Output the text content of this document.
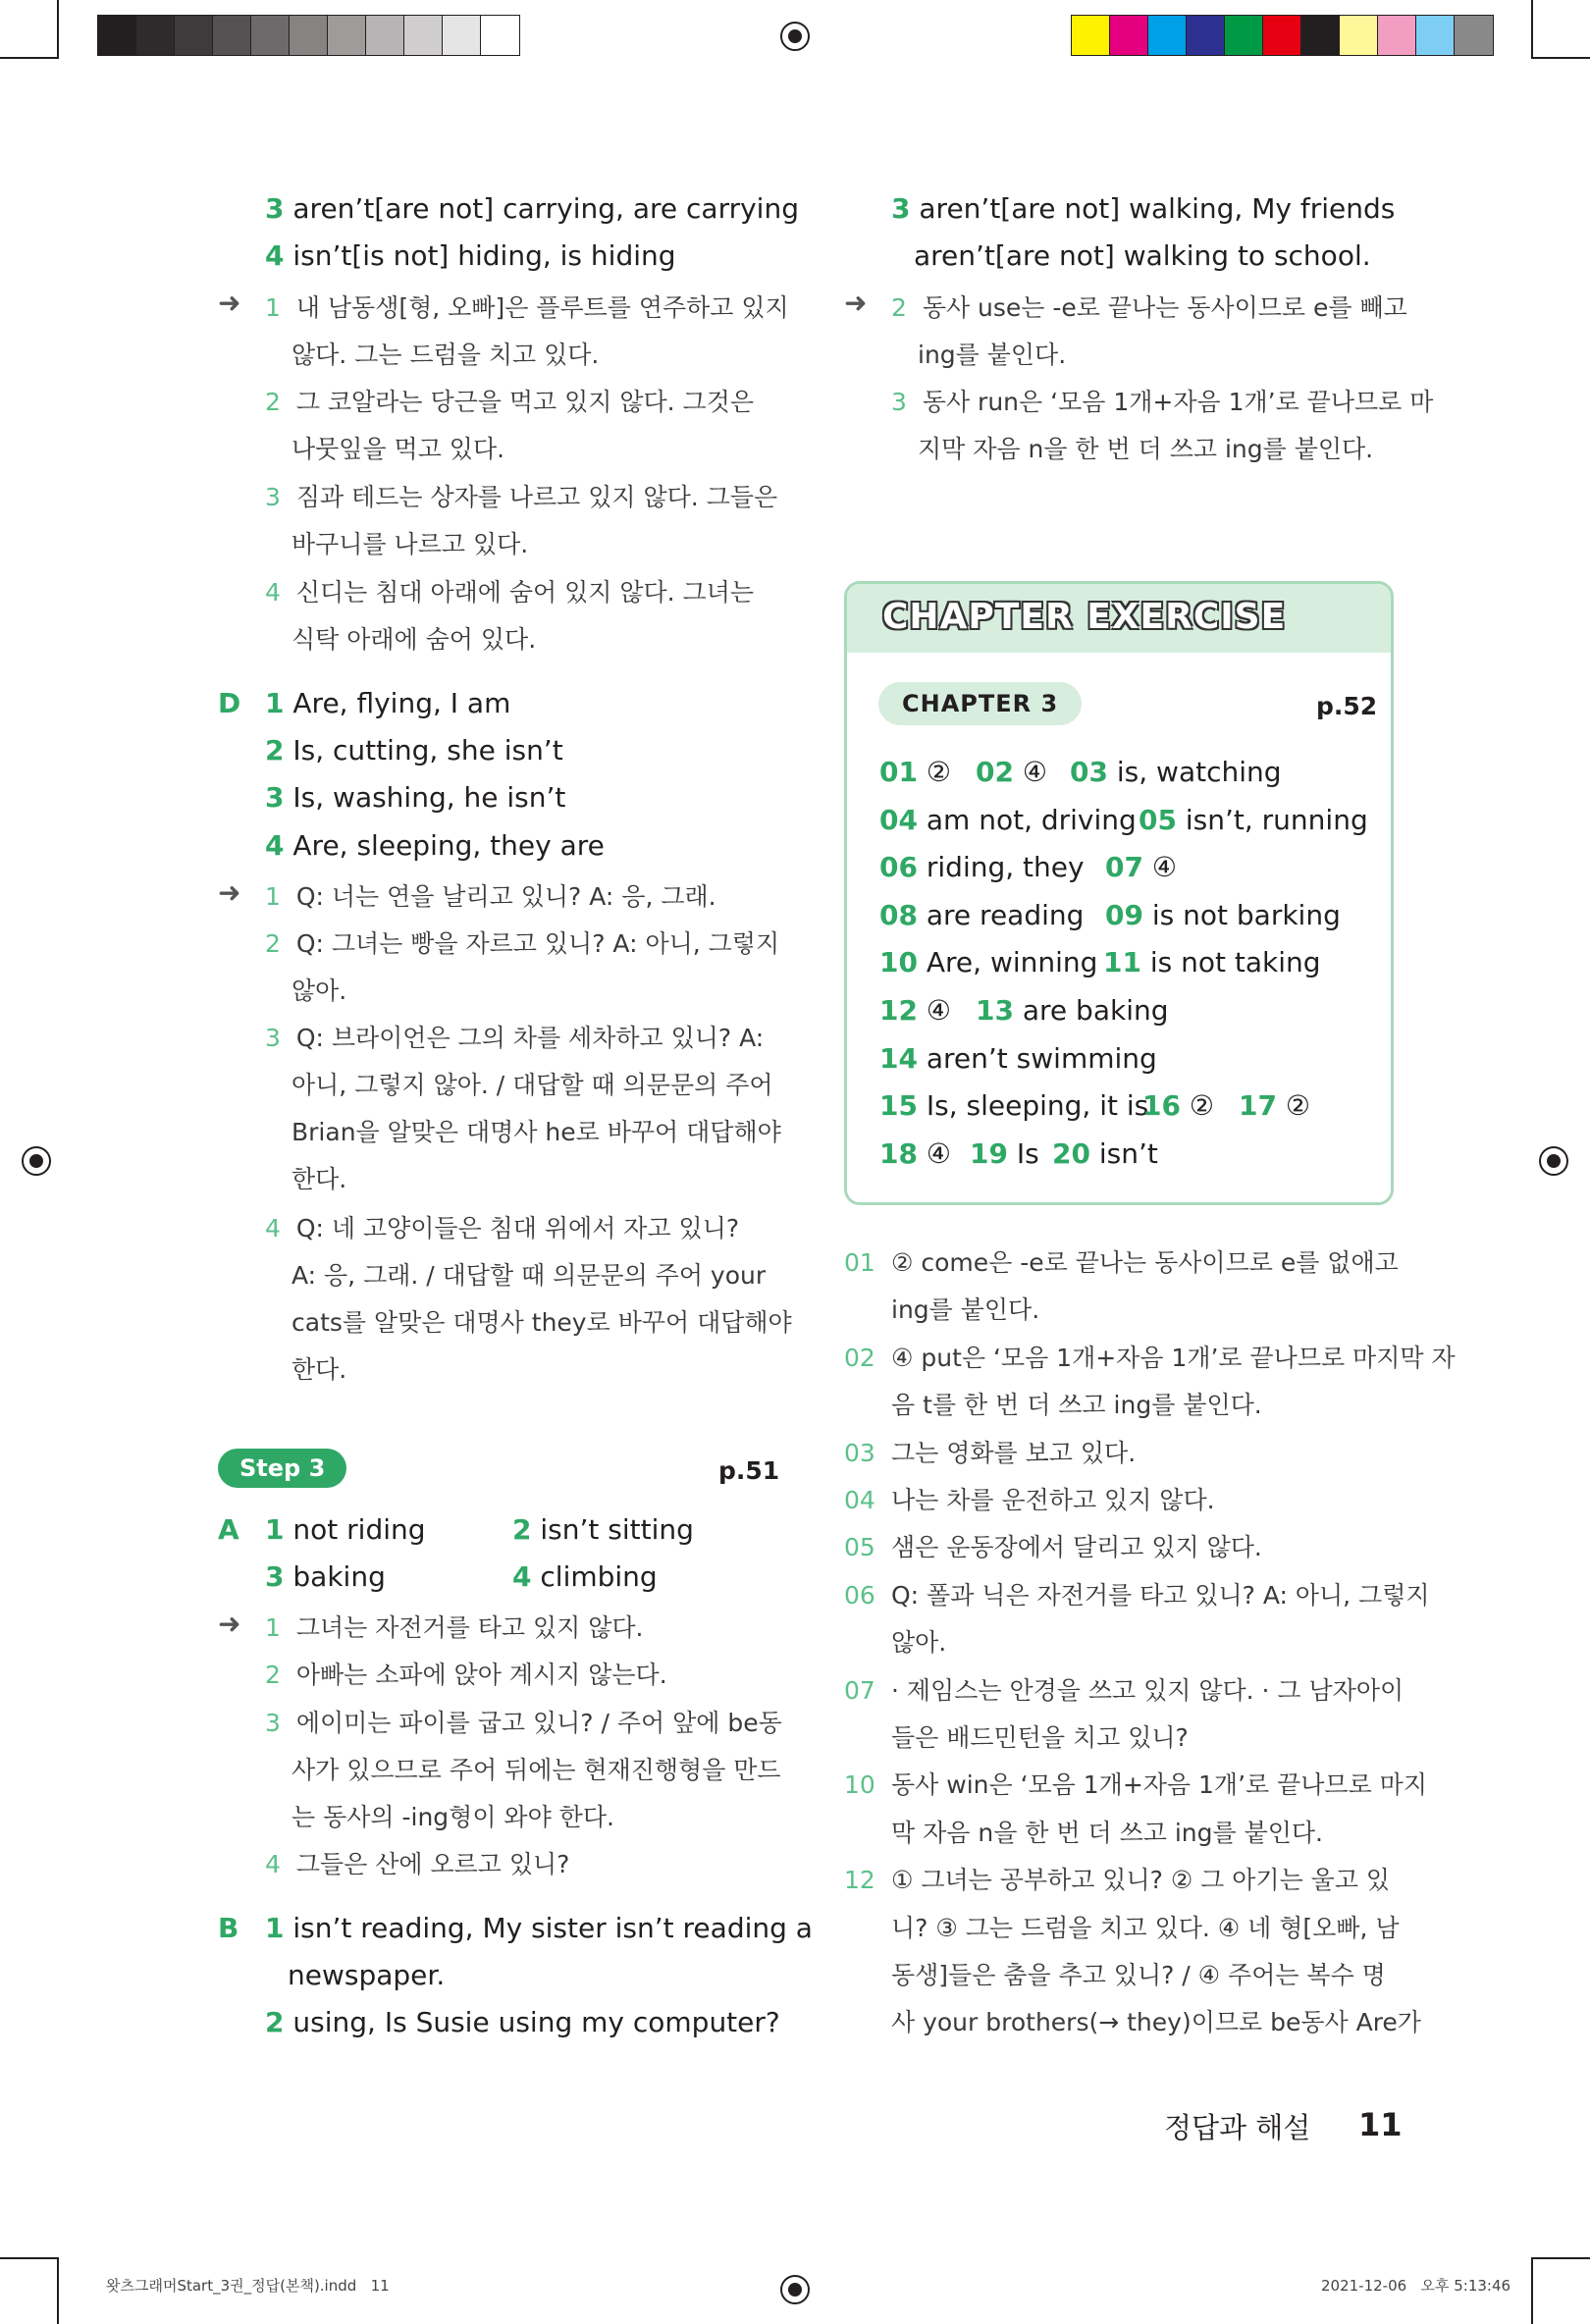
3 aren’t[are not] carrying, are carrying
4 isn’t[is not] hiding, is hiding
➜ 1 내 남동생[형, 오빠]은 플루트를 연주하고 있지
않다. 그는 드럼을 치고 있다.
2 그 코알라는 당근을 먹고 있지 않다. 그것은
나뭇잎을 먹고 있다.
3 짐과 테드는 상자를 나르고 있지 않다. 그들은
바구니를 나르고 있다.
4 신디는 침대 아래에 숨어 있지 않다. 그녀는
식탁 아래에 숨어 있다.
D 1 Are, flying, I am
2 Is, cutting, she isn’t
3 Is, washing, he isn’t
4 Are, sleeping, they are
➜ 1 Q: 너는 연을 날리고 있니? A: 응, 그래.
2 Q: 그녀는 빵을 자르고 있니? A: 아니, 그렇지
않아.
3 Q: 브라이언은 그의 차를 세차하고 있니? A:
아니, 그렇지 않아. / 대답할 때 의문문의 주어
Brian을 알맞은 대명사 he로 바꾸어 대답해야
한다.
4 Q: 네 고양이들은 침대 위에서 자고 있니?
A: 응, 그래. / 대답할 때 의문문의 주어 your
cats를 알맞은 대명사 they로 바꾸어 대답해야
한다.
Step 3	p.51
A 1 not riding	2 isn’t sitting
3 baking	4 climbing
➜ 1 그녀는 자전거를 타고 있지 않다.
2 아빠는 소파에 앉아 계시지 않는다.
3 에이미는 파이를 굽고 있니? / 주어 앞에 be동
사가 있으므로 주어 뒤에는 현재진행형을 만드
는 동사의 -ing형이 와야 한다.
4 그들은 산에 오르고 있니?
B 1 isn’t reading, My sister isn’t reading a
newspaper.
2 using, Is Susie using my computer?
3 aren’t[are not] walking, My friends
aren’t[are not] walking to school.
➜ 2 동사 use는 -e로 끝나는 동사이므로 e를 빼고
ing를 붙인다.
3 동사 run은 ‘모음 1개+자음 1개’로 끝나므로 마
지막 자음 n을 한 번 더 쓰고 ing를 붙인다.
CHAPTER EXERCISE
CHAPTER 3	p.52
01 ② 02 ④ 03 is, watching
04 am not, driving 05 isn’t, running
06 riding, they 07 ④
08 are reading 09 is not barking
10 Are, winning 11 is not taking
12 ④ 13 are baking
14 aren’t swimming
15 Is, sleeping, it is
16 ② 17 ②
18 ④ 19 Is 20 isn’t
01 ② come은 -e로 끝나는 동사이므로 e를 없애고
ing를 붙인다.
02 ④ put은 ‘모음 1개+자음 1개’로 끝나므로 마지막 자
음 t를 한 번 더 쓰고 ing를 붙인다.
03 그는 영화를 보고 있다.
04 나는 차를 운전하고 있지 않다.
05 샘은 운동장에서 달리고 있지 않다.
06 Q: 폴과 닉은 자전거를 타고 있니? A: 아니, 그렇지
않아.
07 · 제임스는 안경을 쓰고 있지 않다. · 그 남자아이
들은 배드민턴을 치고 있니?
10 동사 win은 ‘모음 1개+자음 1개’로 끝나므로 마지
막 자음 n을 한 번 더 쓰고 ing를 붙인다.
12 ① 그녀는 공부하고 있니? ② 그 아기는 울고 있
니? ③ 그는 드럼을 치고 있다. ④ 네 형[오빠, 남
동생]들은 춤을 추고 있니? / ④ 주어는 복수 명
사 your brothers(→ they)이므로 be동사 Are가
정답과 해설 11
왓츠그래머Start_3권_정답(본책).indd   11	2021-12-06   오후 5:13:46
